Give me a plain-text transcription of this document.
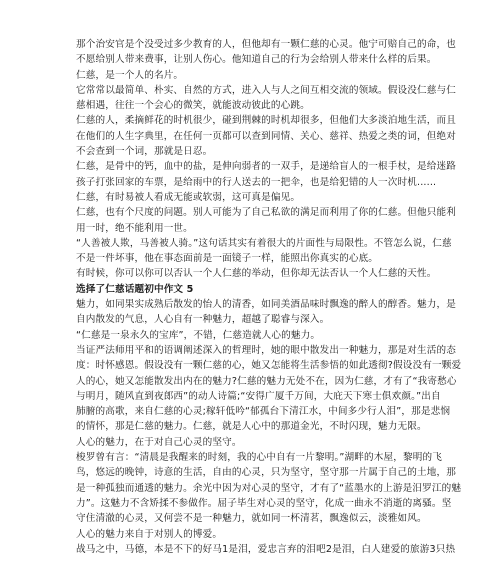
那个治安官是个没受过多少教育的人，但他却有一颗仁慈的心灵。他宁可赔自己的命，也
不愿给别人带来费事，让别人伤心。他知道自己的行为会给别人带来什么样的后果。
仁慈，是一个人的名片。
它常常以最简单、朴实、自然的方式，进入人与人之间互相交流的领域。假设没仁慈与仁
慈相遇，往往一个会心的微笑，就能波动彼此的心跳。
仁慈的人，柔摘鲜花的时机很少，碰到荆棘的时机却很多，但他们大多淡泊地生活，而且
在他们的人生字典里，在任何一页都可以查到同情、关心、慈祥、热爱之类的词，但绝对
不会查到一个词，那就是日忍。
仁慈，是骨中的钙，血中的盐，是伸向弱者的一双手，是递给盲人的一根手杖，是给迷路
孩子打张回家的车票，是给雨中的行人送去的一把伞，也是给犯错的人一次时机......
仁慈，有时易被人看成无能或软弱，这可真是偏见。
仁慈，也有个尺度的问题。别人可能为了自己私欲的满足而利用了你的仁慈。但他只能利
用一时，绝不能利用一世。
“人善被人欺，马善被人骑。”这句话其实有着很大的片面性与局限性。不管怎么说，仁慈
不是一件坏事，他在事态面前是一面镜子一样，能照出你真实的心底。
有时候，你可以你可以否认一个人仁慈的举动，但你却无法否认一个人仁慈的天性。
选择了仁慈话题初中作文 5
魅力，如同果实成熟后散发的怡人的清香，如同美酒品味时飘逸的醉人的醇香。魅力，是
自内散发的气息，人心自有一种魅力，超越了聪睿与深入。
“仁慈是一泉永久的宝库”，不错，仁慈造就人心的魅力。
当证严法师用平和的语调阐述深入的哲理时，她的眼中散发出一种魅力，那是对生活的态
度：时怀感恩。假设没有一颗仁慈的心，她又怎能将生活参悟的如此透彻?假设没有一颗爱
人的心，她又怎能散发出内在的魅力?仁慈的魅力无处不在，因为仁慈，才有了“我寄愁心
与明月，随风直到夜郎西”的动人诗篇;“安得广厦千万间，大庇天下寒士俱欢颜。”出自
肺腑的高歌，来自仁慈的心灵;稼轩低吟“郁孤台下清江水，中间多少行人泪”，那是悲悯
的情怀，那是仁慈的魅力。仁慈，就是人心中的那道金光，不时闪现，魅力无限。
人心的魅力，在于对自己心灵的坚守。
梭罗曾有言：“清晨是我醒来的时刻，我的心中自有一片黎明。”湖畔的木屋，黎明的飞
鸟，悠远的晚钟，诗意的生活，自由的心灵，只为坚守，坚守那一片属于自己的土地，那
是一种孤独而通透的魅力。余光中因为对心灵的坚守，才有了“蓝墨水的上游是汨罗江的魅
力”。这魅力不含矫揉不参做作。屈子毕生对心灵的坚守，化成一曲永不消逝的离骚。坚
守住清澈的心灵，又何尝不是一种魅力，就如同一杯清茗，飘逸似云，淡雅如风。
人心的魅力来自于对别人的博爱。
战马之中，马德，本是不下的好马1是泪，爱忠言弃的泪吧2是泪，白人建爱的旅游3只热
